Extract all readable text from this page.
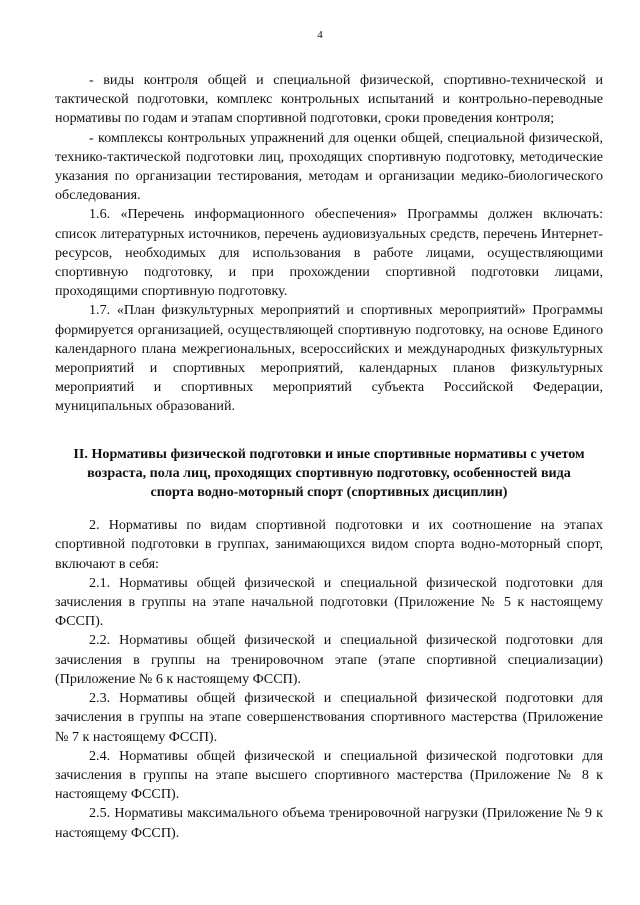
4

- виды контроля общей и специальной физической, спортивно-технической и тактической подготовки, комплекс контрольных испытаний и контрольно-переводные нормативы по годам и этапам спортивной подготовки, сроки проведения контроля;

- комплексы контрольных упражнений для оценки общей, специальной физической, технико-тактической подготовки лиц, проходящих спортивную подготовку, методические указания по организации тестирования, методам и организации медико-биологического обследования.

1.6. «Перечень информационного обеспечения» Программы должен включать: список литературных источников, перечень аудиовизуальных средств, перечень Интернет-ресурсов, необходимых для использования в работе лицами, осуществляющими спортивную подготовку, и при прохождении спортивной подготовки лицами, проходящими спортивную подготовку.

1.7. «План физкультурных мероприятий и спортивных мероприятий» Программы формируется организацией, осуществляющей спортивную подготовку, на основе Единого календарного плана межрегиональных, всероссийских и международных физкультурных мероприятий и спортивных мероприятий, календарных планов физкультурных мероприятий и спортивных мероприятий субъекта Российской Федерации, муниципальных образований.

II. Нормативы физической подготовки и иные спортивные нормативы с учетом возраста, пола лиц, проходящих спортивную подготовку, особенностей вида спорта водно-моторный спорт (спортивных дисциплин)

2. Нормативы по видам спортивной подготовки и их соотношение на этапах спортивной подготовки в группах, занимающихся видом спорта водно-моторный спорт, включают в себя:

2.1. Нормативы общей физической и специальной физической подготовки для зачисления в группы на этапе начальной подготовки (Приложение № 5 к настоящему ФССП).

2.2. Нормативы общей физической и специальной физической подготовки для зачисления в группы на тренировочном этапе (этапе спортивной специализации) (Приложение № 6 к настоящему ФССП).

2.3. Нормативы общей физической и специальной физической подготовки для зачисления в группы на этапе совершенствования спортивного мастерства (Приложение № 7 к настоящему ФССП).

2.4. Нормативы общей физической и специальной физической подготовки для зачисления в группы на этапе высшего спортивного мастерства (Приложение № 8 к настоящему ФССП).

2.5. Нормативы максимального объема тренировочной нагрузки (Приложение № 9 к настоящему ФССП).
